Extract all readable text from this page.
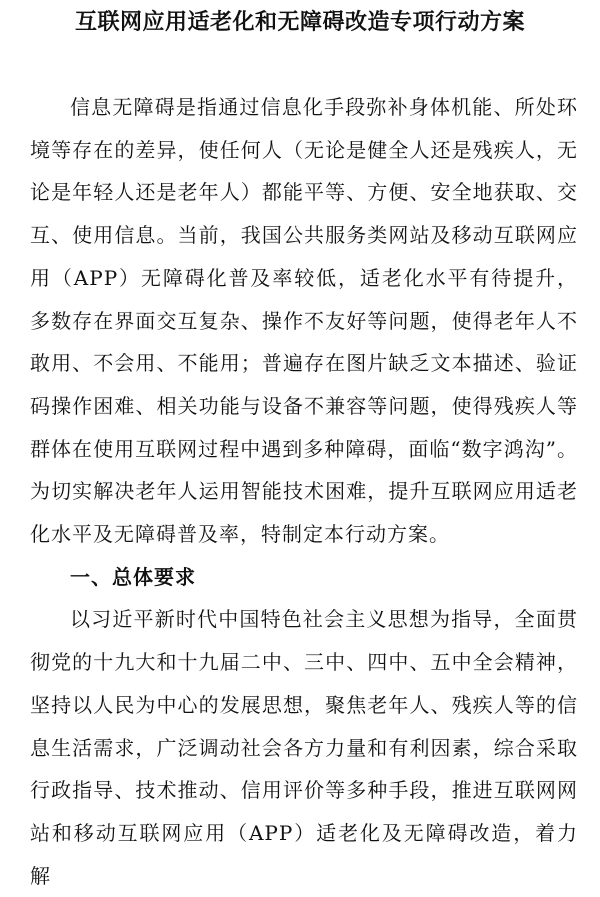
互联网应用适老化和无障碍改造专项行动方案

信息无障碍是指通过信息化手段弥补身体机能、所处环境等存在的差异，使任何人（无论是健全人还是残疾人，无论是年轻人还是老年人）都能平等、方便、安全地获取、交互、使用信息。当前，我国公共服务类网站及移动互联网应用（APP）无障碍化普及率较低，适老化水平有待提升，多数存在界面交互复杂、操作不友好等问题，使得老年人不敢用、不会用、不能用；普遍存在图片缺乏文本描述、验证码操作困难、相关功能与设备不兼容等问题，使得残疾人等群体在使用互联网过程中遇到多种障碍，面临“数字鸿沟”。为切实解决老年人运用智能技术困难，提升互联网应用适老化水平及无障碍普及率，特制定本行动方案。

一、总体要求

以习近平新时代中国特色社会主义思想为指导，全面贯彻党的十九大和十九届二中、三中、四中、五中全会精神，坚持以人民为中心的发展思想，聚焦老年人、残疾人等的信息生活需求，广泛调动社会各方力量和有利因素，综合采取行政指导、技术推动、信用评价等多种手段，推进互联网网站和移动互联网应用（APP）适老化及无障碍改造，着力解
